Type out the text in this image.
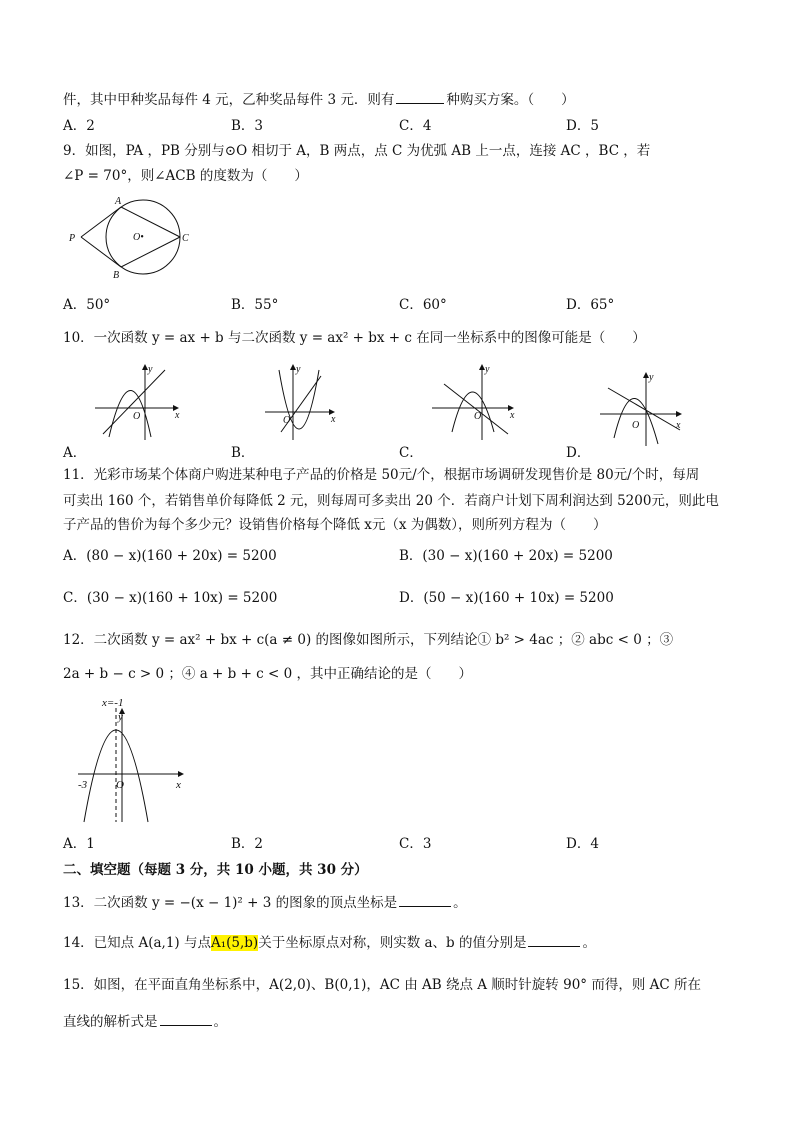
件，其中甲种奖品每件 4 元，乙种奖品每件 3 元．则有	种购买方案。（　　）
A．2	B．3	C．4	D．5
9．如图，PA ，PB 分别与⊙O 相切于 A，B 两点，点 C 为优弧 AB 上一点，连接 AC ，BC ，若
∠P = 70°，则∠ACB 的度数为（　　）
A
B
P	C
O•
A．50°	B．55°	C．60°	D．65°
10．一次函数 y = ax + b 与二次函数 y = ax² + bx + c 在同一坐标系中的图像可能是（　　）
y
x
O
y
x
O
y
x
O
y
x
O
A．	B．	C．	D．
11．光彩市场某个体商户购进某种电子产品的价格是 50元/个，根据市场调研发现售价是 80元/个时，每周
可卖出 160 个，若销售单价每降低 2 元，则每周可多卖出 20 个．若商户计划下周利润达到 5200元，则此电
子产品的售价为每个多少元？设销售价格每个降低 x元（x 为偶数），则所列方程为（　　）
A．(80 − x)(160 + 20x) = 5200	B．(30 − x)(160 + 20x) = 5200
C．(30 − x)(160 + 10x) = 5200	D．(50 − x)(160 + 10x) = 5200
12．二次函数 y = ax² + bx + c(a ≠ 0) 的图像如图所示，下列结论① b² > 4ac ；② abc < 0 ；③
2a + b − c > 0 ；④ a + b + c < 0 ，其中正确结论的是（　　）
x=-1
y
x
O
-3
A．1	B．2	C．3	D．4
二、填空题（每题 3 分，共 10 小题，共 30 分）
13．二次函数 y = −(x − 1)² + 3 的图象的顶点坐标是	。
14．已知点 A(a,1) 与点A₁(5,b)关于坐标原点对称，则实数 a、b 的值分别是	。
15．如图，在平面直角坐标系中，A(2,0)、B(0,1)，AC 由 AB 绕点 A 顺时针旋转 90° 而得，则 AC 所在
直线的解析式是	。
